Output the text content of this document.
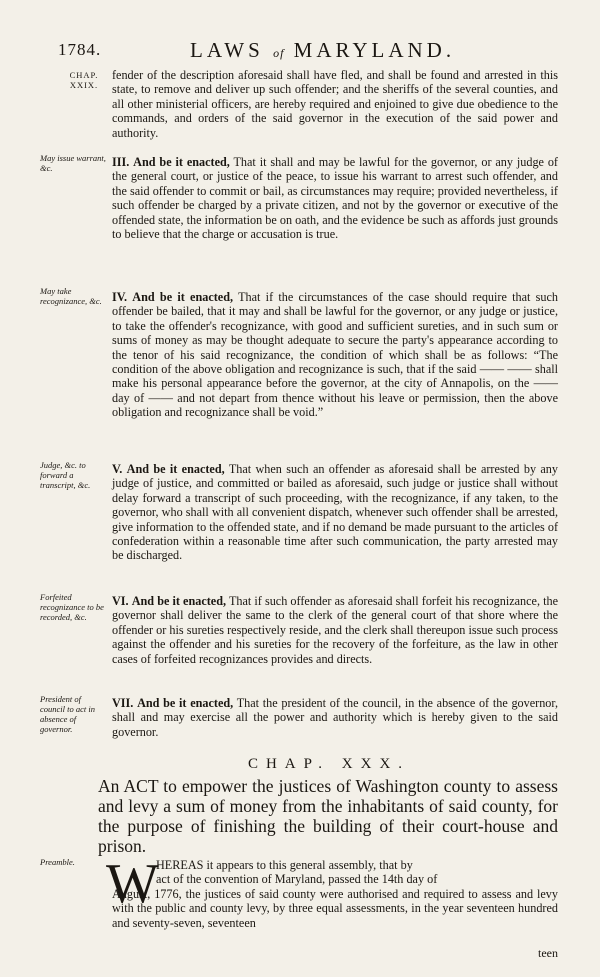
1784.	LAWS of MARYLAND.
CHAP.
XXIX.

fender of the description aforesaid shall have fled, and shall be found and arrested in this state, to remove and deliver up such offender; and the sheriffs of the several counties, and all other ministerial officers, are hereby required and enjoined to give due obedience to the commands, and orders of the said governor in the execution of the said power and authority.

May issue warrant, &c.	III. And be it enacted, That it shall and may be lawful for the governor, or any judge of the general court, or justice of the peace, to issue his warrant to arrest such offender, and the said offender to commit or bail, as circumstances may require; provided nevertheless, if such offender be charged by a private citizen, and not by the governor or executive of the offended state, the information be on oath, and the evidence be such as affords just grounds to believe that the charge or accusation is true.

May take recognizance, &c. IV. And be it enacted, That if the circumstances of the case should require that such offender be bailed, that it may and shall be lawful for the governor, or any judge or justice, to take the offender's recognizance, with good and sufficient sureties, and in such sum or sums of money as may be thought adequate to secure the party's appearance according to the tenor of his said recognizance, the condition of which shall be as follows: “The condition of the above obligation and recognizance is such, that if the said —— —— shall make his personal appearance before the governor, at the city of Annapolis, on the —— day of —— and not depart from thence without his leave or permission, then the above obligation and recognizance shall be void.”

Judge, &c. to forward a transcript, &c.

V. And be it enacted, That when such an offender as aforesaid shall be arrested by any judge of justice, and committed or bailed as aforesaid, such judge or justice shall without delay forward a transcript of such proceeding, with the recognizance, if any taken, to the governor, who shall with all convenient dispatch, whenever such offender shall be arrested, give information to the offended state, and if no demand be made pursuant to the articles of confederation within a reasonable time after such communication, the party arrested may be discharged.

Forfeited recognizance to be recorded, &c.

VI. And be it enacted, That if such offender as aforesaid shall forfeit his recognizance, the governor shall deliver the same to the clerk of the general court of that shore where the offender or his sureties respectively reside, and the clerk shall thereupon issue such process against the offender and his sureties for the recovery of the forfeiture, as the law in other cases of forfeited recognizances provides and directs.

President of council to act in absence of governor.

VII. And be it enacted, That the president of the council, in the absence of the governor, shall and may exercise all the power and authority which is hereby given to the said governor.

CHAP. XXX.
An ACT to empower the justices of Washington county to assess and levy a sum of money from the inhabitants of said county, for the purpose of finishing the building of their court-house and prison.
Preamble. W
HEREAS it appears to this general assembly, that by
act of the convention of Maryland, passed the 14th day of
August, 1776, the justices of said county were authorised and required to assess and levy with the public and county levy, by three equal assessments, in the year seventeen hundred and seventy-seven, seventeen
teen
